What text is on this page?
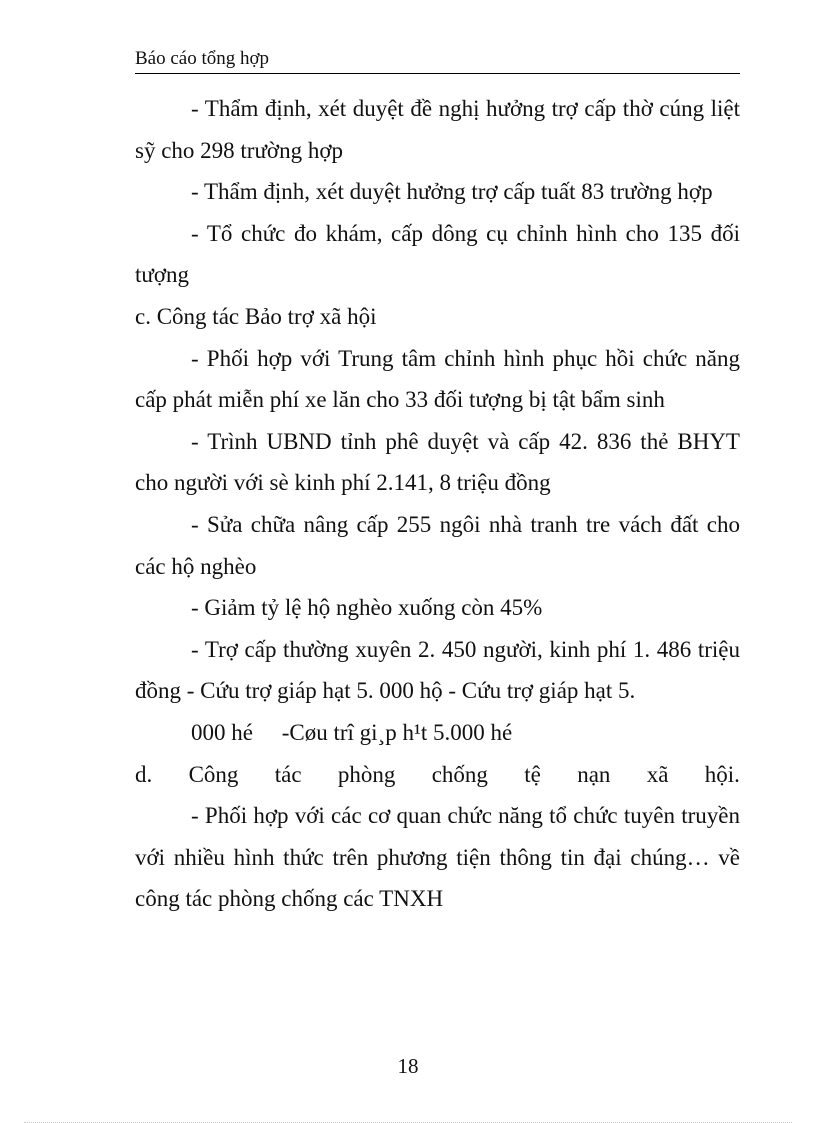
Báo cáo tổng hợp

- Thẩm định, xét duyệt đề nghị hưởng trợ cấp thờ cúng liệt sỹ cho 298 trường hợp

- Thẩm định, xét duyệt hưởng trợ cấp tuất 83 trường hợp

- Tổ chức đo khám, cấp dông cụ chỉnh hình cho 135 đối tượng

c. Công tác Bảo trợ xã hội

- Phối hợp với Trung tâm chỉnh hình phục hồi chức năng cấp phát miễn phí xe lăn cho 33 đối tượng bị tật bẩm sinh

- Trình UBND tỉnh phê duyệt và cấp 42. 836 thẻ BHYT cho người với sè kinh phí 2.141, 8 triệu đồng

- Sửa chữa nâng cấp 255 ngôi nhà tranh tre vách đất cho các hộ nghèo

- Giảm tỷ lệ hộ nghèo xuống còn 45%

- Trợ cấp thường xuyên 2. 450 người, kinh phí 1. 486 triệu đồng - Cứu trợ giáp hạt 5. 000 hộ - Cứu trợ giáp hạt 5.
000 hé     -Cøu trî gi¸p h¹t 5.000 hé

d. Công tác phòng chống tệ nạn xã hội.

- Phối hợp với các cơ quan chức năng tổ chức tuyên truyền với nhiều hình thức trên phương tiện thông tin đại chúng… về công tác phòng chống các TNXH

18
